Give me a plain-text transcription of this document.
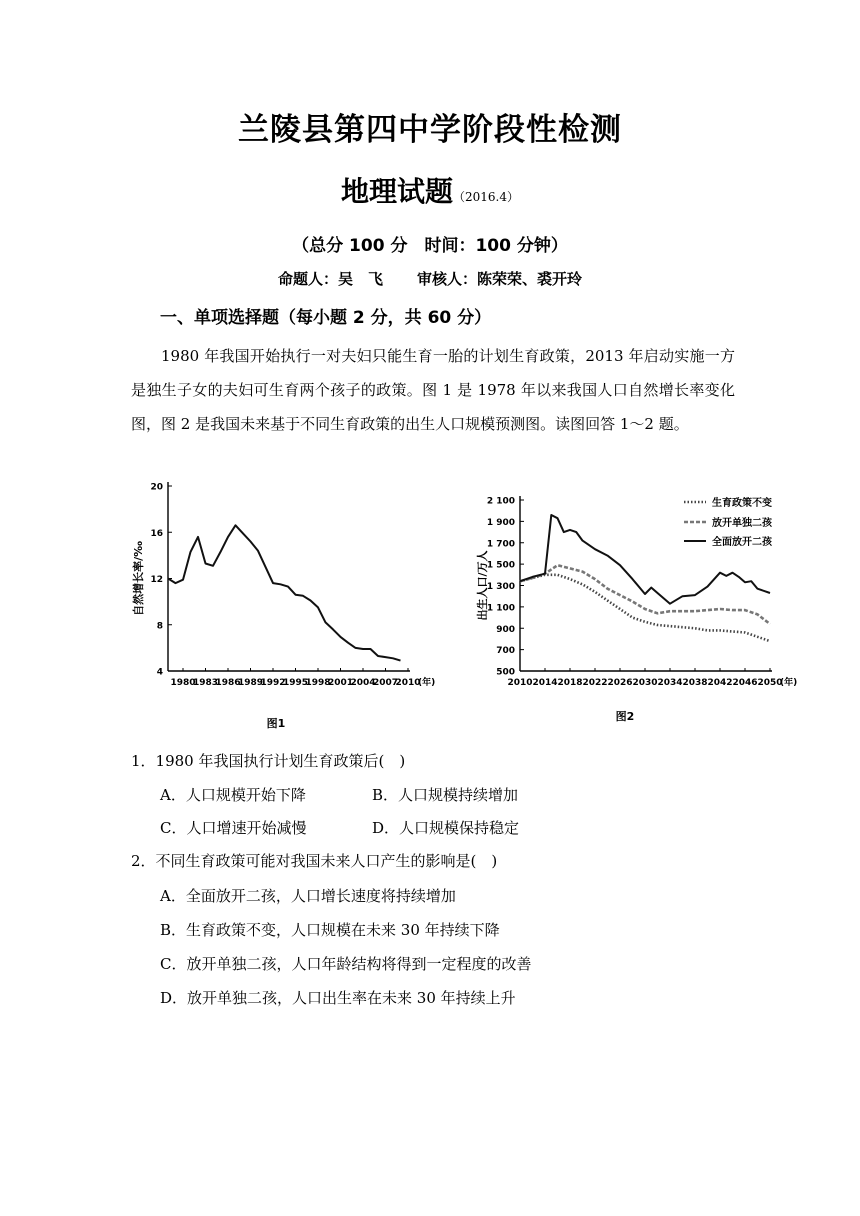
兰陵县第四中学阶段性检测
地理试题（2016.4）
（总分 100 分　时间：100 分钟）
命题人：吴　飞 审核人：陈荣荣、裘开玲
一、单项选择题（每小题 2 分，共 60 分）
1980 年我国开始执行一对夫妇只能生育一胎的计划生育政策，2013 年启动实施一方是独生子女的夫妇可生育两个孩子的政策。图 1 是 1978 年以来我国人口自然增长率变化图，图 2 是我国未来基于不同生育政策的出生人口规模预测图。读图回答 1～2 题。
4
8
12
16
20
1980
1983
1986
1989
1992
1995
1998
2001
2004
2007
2010
(年)
自然增长率/‰
图1
500
700
900
1 100
1 300
1 500
1 700
1 900
2 100
2010 2014 2018 2022 2026 2030 2034 2038 2042 2046 2050
(年)
出生人口/万人
生育政策不变
放开单独二孩
全面放开二孩
图2
1．1980 年我国执行计划生育政策后(　)
A．人口规模开始下降	B．人口规模持续增加
C．人口增速开始减慢	D．人口规模保持稳定
2．不同生育政策可能对我国未来人口产生的影响是(　)
A．全面放开二孩，人口增长速度将持续增加
B．生育政策不变，人口规模在未来 30 年持续下降
C．放开单独二孩，人口年龄结构将得到一定程度的改善
D．放开单独二孩，人口出生率在未来 30 年持续上升
